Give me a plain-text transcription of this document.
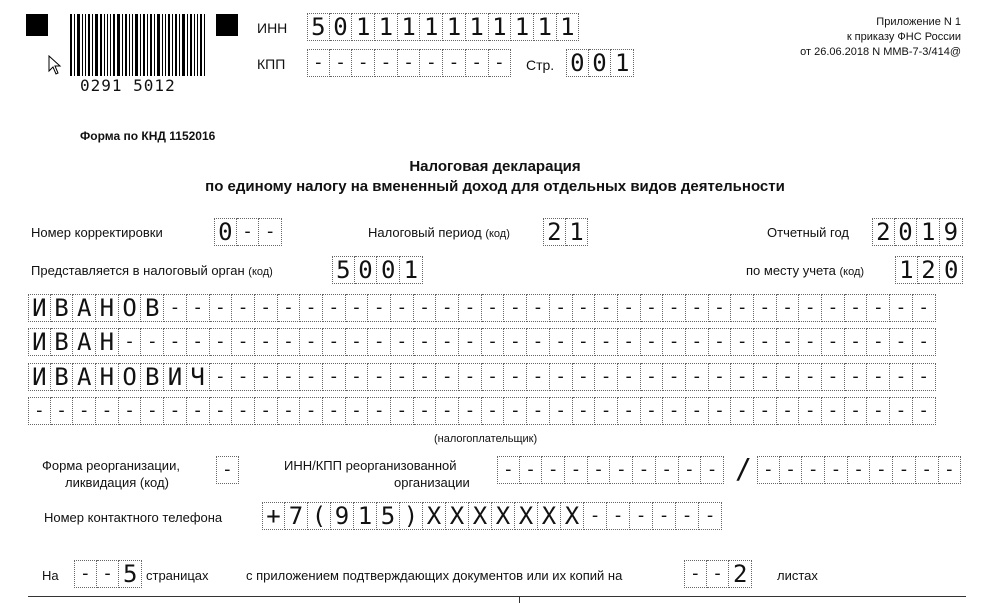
0291 5012
ИНН 5 0 1 1 1 1 1 1 1 1 1 1
КПП	- - - - - - - - -	Стр. 0 0 1
Приложение N 1
к приказу ФНС России
от 26.06.2018 N ММВ-7-3/414@
Форма по КНД 1152016
Налоговая декларация
по единому налогу на вмененный доход для отдельных видов деятельности
Номер корректировки 0 - -	Налоговый период (код) 2 1	Отчетный год 2 0 1 9
Представляется в налоговый орган (код)	5 0 0 1	по месту учета (код) 1 2 0
И В А Н О В - - - - - - - - - - - - - - - - - - - - - - - - - - - - - - - - - -
И В А Н - - - - - - - - - - - - - - - - - - - - - - - - - - - - - - - - - - - -
И В А Н О В И Ч - - - - - - - - - - - - - - - - - - - - - - - - - - - - - - - -
- - - - - - - - - - - - - - - - - - - - - - - - - - - - - - - - - - - - - - - -
(налогоплательщик)
Форма реорганизации,
ликвидация (код)
-	ИНН/КПП реорганизованной
организации
- - - - - - - - - - / - - - - - - - - -
Номер контактного телефона + 7 ( 9 1 5 ) X X X X X X X - - - - - -
На	- - 5 страницах	с приложением подтверждающих документов или их копий на	- - 2	листах
